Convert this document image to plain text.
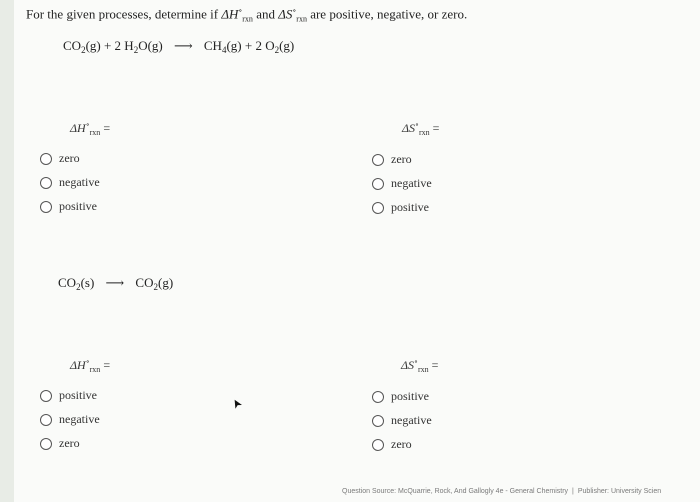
For the given processes, determine if $\Delta H^\circ_{rxn}$ and $\Delta S^\circ_{rxn}$ are positive, negative, or zero.
$CO_2(g) + 2$ $H_2O(g)$ ⟶ $CH_4(g) + 2$ $O_2(g)$
$\Delta H^\circ_{rxn}$ =	$\Delta S^\circ_{rxn}$ =
zero
negative
positive
zero
negative
positive
$CO_2(s)$ ⟶ $CO_2(g)$
$\Delta H^\circ_{rxn}$ =	$\Delta S^\circ_{rxn}$ =
positive
negative
zero
positive
negative
zero
➤
Question Source: McQuarrie, Rock, And Gallogly 4e - General Chemistry | Publisher: University Scien
